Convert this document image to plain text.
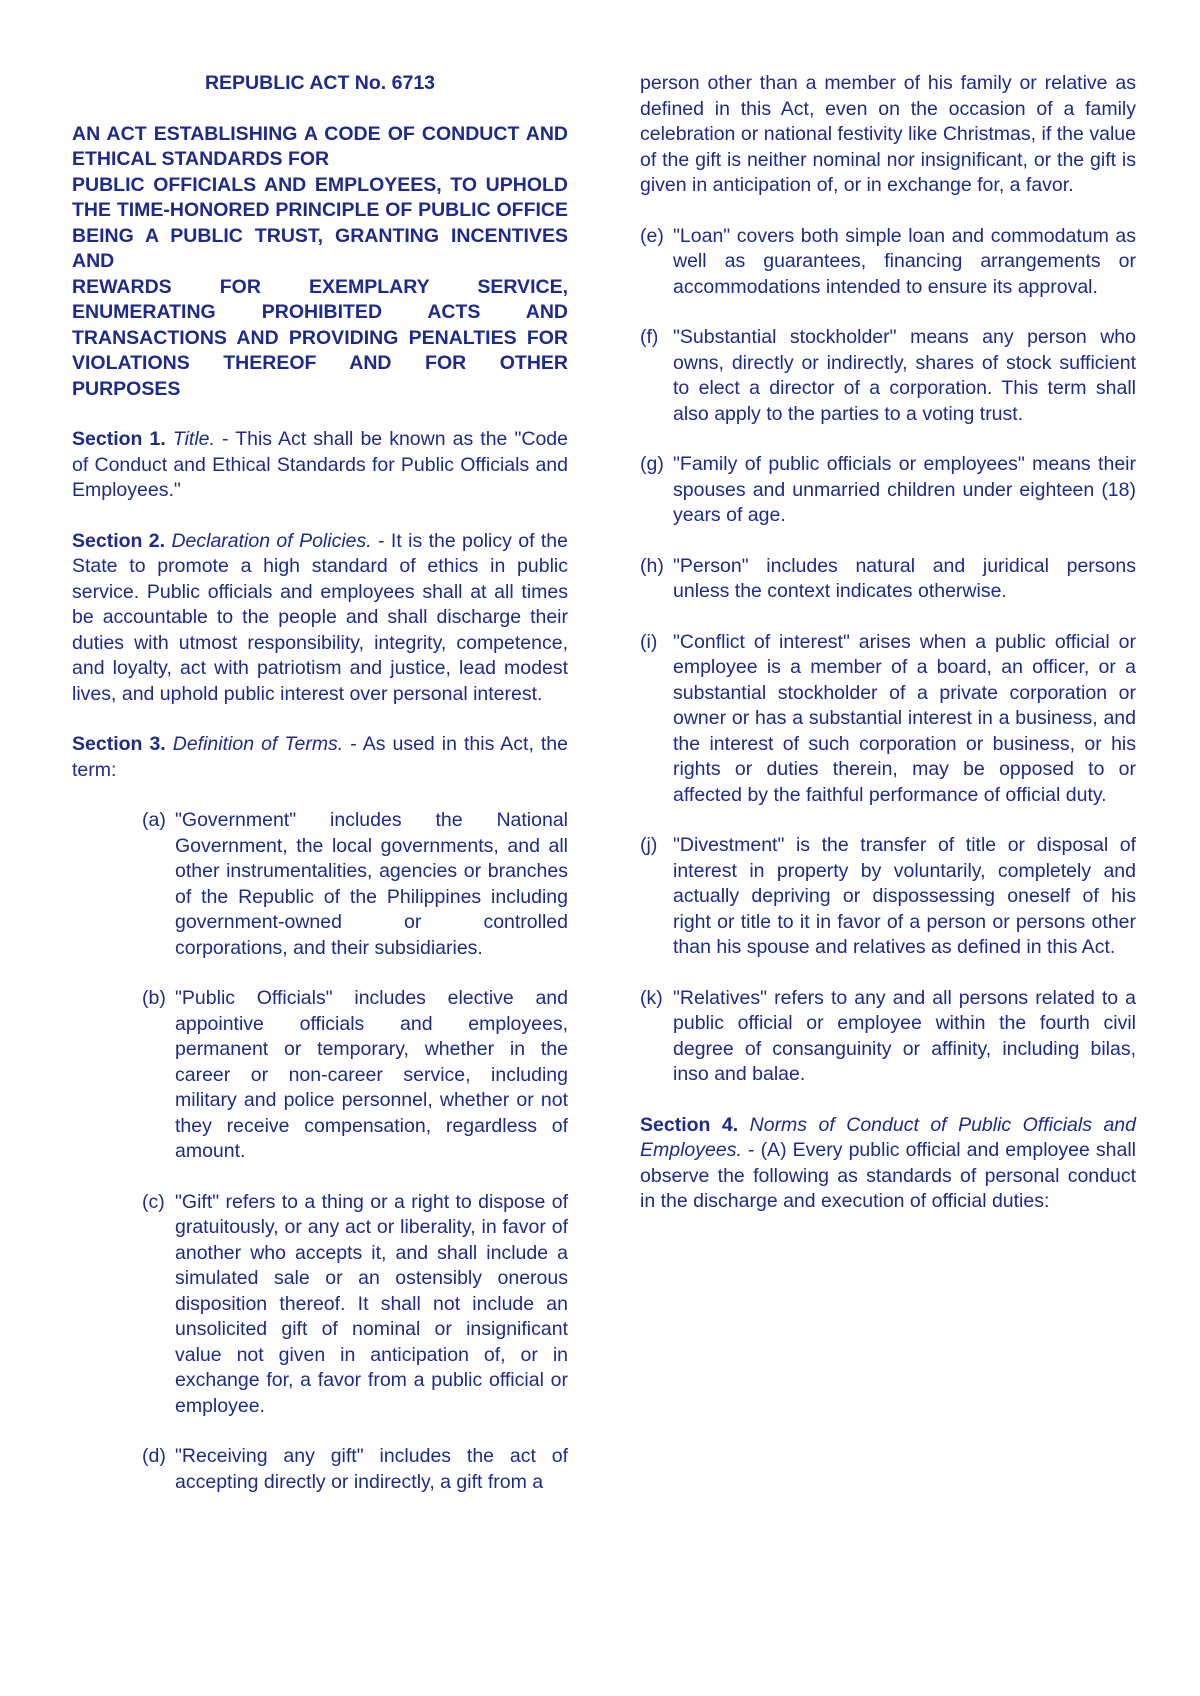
REPUBLIC ACT No. 6713
AN ACT ESTABLISHING A CODE OF CONDUCT AND ETHICAL STANDARDS FOR
PUBLIC OFFICIALS AND EMPLOYEES, TO UPHOLD THE TIME-HONORED PRINCIPLE OF PUBLIC OFFICE BEING A PUBLIC TRUST, GRANTING INCENTIVES AND
REWARDS FOR EXEMPLARY SERVICE, ENUMERATING PROHIBITED ACTS AND TRANSACTIONS AND PROVIDING PENALTIES FOR VIOLATIONS THEREOF AND FOR OTHER PURPOSES

Section 1. Title. - This Act shall be known as the "Code of Conduct and Ethical Standards for Public Officials and Employees."

Section 2. Declaration of Policies. - It is the policy of the State to promote a high standard of ethics in public service. Public officials and employees shall at all times be accountable to the people and shall discharge their duties with utmost responsibility, integrity, competence, and loyalty, act with patriotism and justice, lead modest lives, and uphold public interest over personal interest.

Section 3. Definition of Terms. - As used in this Act, the term:

(a) "Government" includes the National Government, the local governments, and all other instrumentalities, agencies or branches of the Republic of the Philippines including government-owned or controlled corporations, and their subsidiaries.
(b) "Public Officials" includes elective and appointive officials and employees, permanent or temporary, whether in the career or non-career service, including military and police personnel, whether or not they receive compensation, regardless of amount.
(c) "Gift" refers to a thing or a right to dispose of gratuitously, or any act or liberality, in favor of another who accepts it, and shall include a simulated sale or an ostensibly onerous disposition thereof. It shall not include an unsolicited gift of nominal or insignificant value not given in anticipation of, or in exchange for, a favor from a public official or employee.
(d) "Receiving any gift" includes the act of accepting directly or indirectly, a gift from a
person other than a member of his family or relative as defined in this Act, even on the occasion of a family celebration or national festivity like Christmas, if the value of the gift is neither nominal nor insignificant, or the gift is given in anticipation of, or in exchange for, a favor.
(e) "Loan" covers both simple loan and commodatum as well as guarantees, financing arrangements or accommodations intended to ensure its approval.
(f) "Substantial stockholder" means any person who owns, directly or indirectly, shares of stock sufficient to elect a director of a corporation. This term shall also apply to the parties to a voting trust.
(g) "Family of public officials or employees" means their spouses and unmarried children under eighteen (18) years of age.
(h) "Person" includes natural and juridical persons unless the context indicates otherwise.
(i) "Conflict of interest" arises when a public official or employee is a member of a board, an officer, or a substantial stockholder of a private corporation or owner or has a substantial interest in a business, and the interest of such corporation or business, or his rights or duties therein, may be opposed to or affected by the faithful performance of official duty.
(j) "Divestment" is the transfer of title or disposal of interest in property by voluntarily, completely and actually depriving or dispossessing oneself of his right or title to it in favor of a person or persons other than his spouse and relatives as defined in this Act.
(k) "Relatives" refers to any and all persons related to a public official or employee within the fourth civil degree of consanguinity or affinity, including bilas, inso and balae.

Section 4. Norms of Conduct of Public Officials and Employees. - (A) Every public official and employee shall observe the following as standards of personal conduct in the discharge and execution of official duties:
